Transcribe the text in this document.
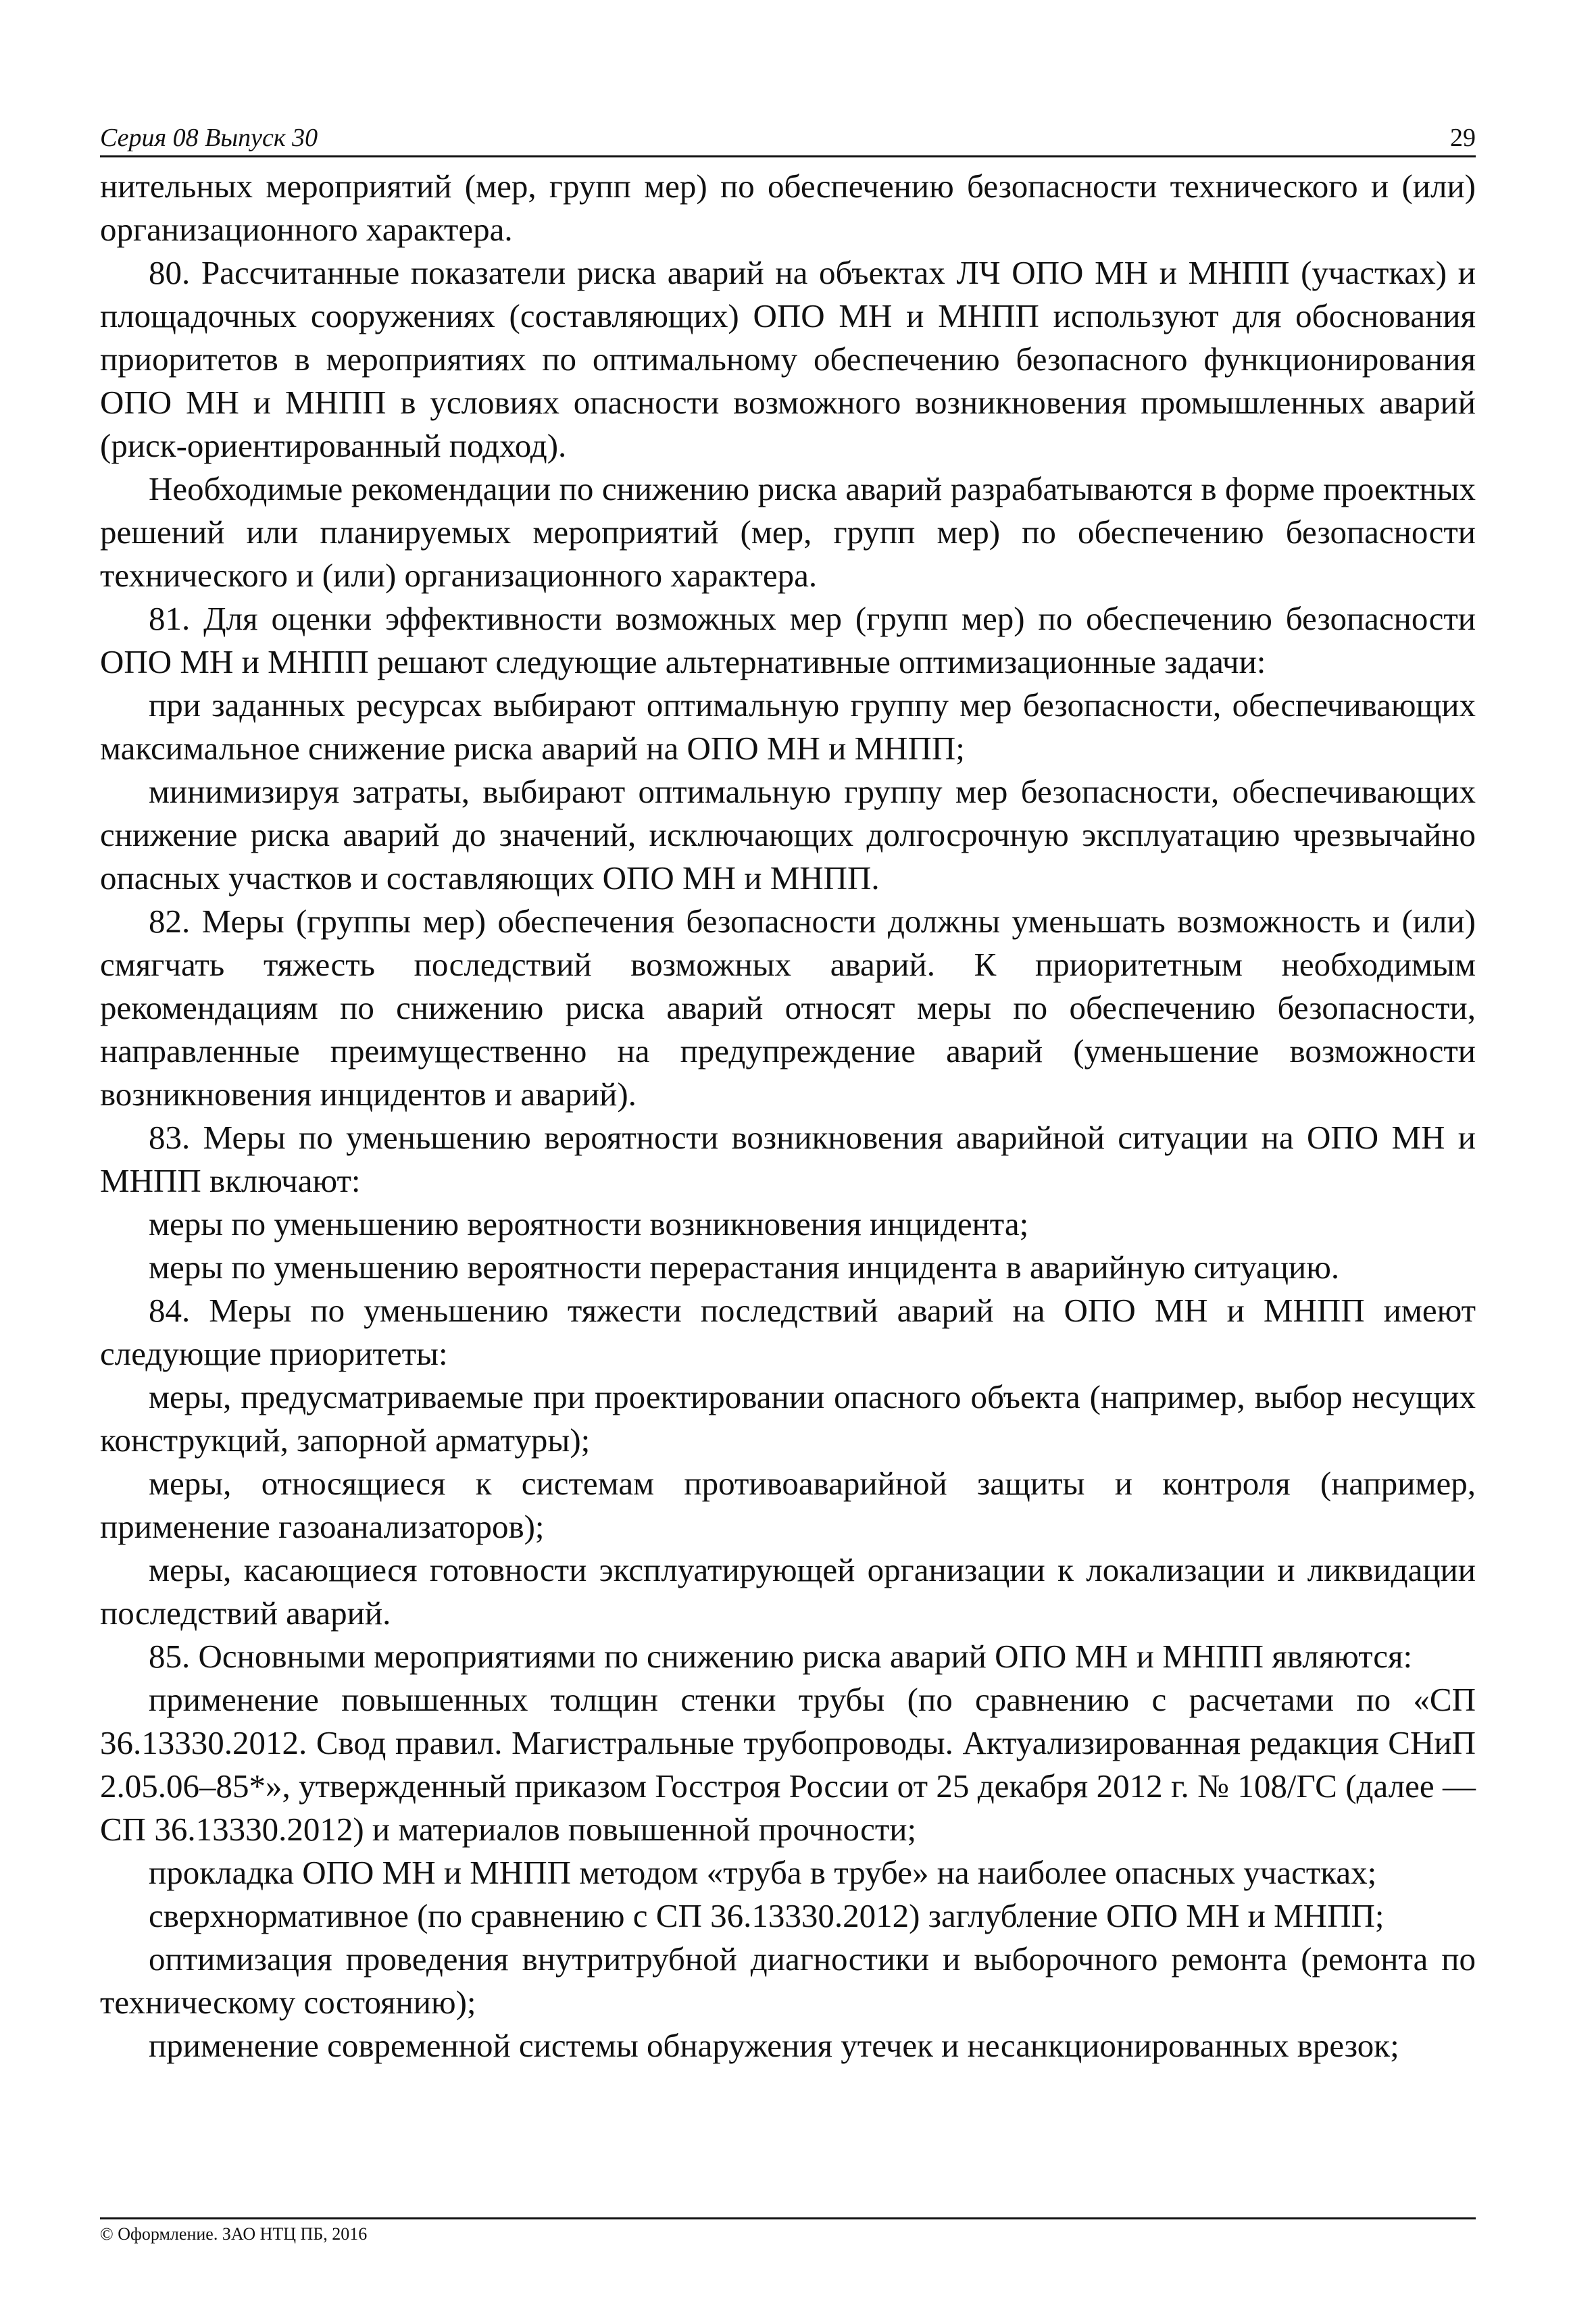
Серия 08 Выпуск 30	29

нительных мероприятий (мер, групп мер) по обеспечению безопасности технического и (или) организационного характера.

80. Рассчитанные показатели риска аварий на объектах ЛЧ ОПО МН и МНПП (участках) и площадочных сооружениях (составляющих) ОПО МН и МНПП используют для обоснования приоритетов в мероприятиях по оптимальному обеспечению безопасного функционирования ОПО МН и МНПП в условиях опасности возможного возникновения промышленных аварий (риск-ориентированный подход).

Необходимые рекомендации по снижению риска аварий разрабатываются в форме проектных решений или планируемых мероприятий (мер, групп мер) по обеспечению безопасности технического и (или) организационного характера.

81. Для оценки эффективности возможных мер (групп мер) по обеспечению безопасности ОПО МН и МНПП решают следующие альтернативные оптимизационные задачи:

при заданных ресурсах выбирают оптимальную группу мер безопасности, обеспечивающих максимальное снижение риска аварий на ОПО МН и МНПП;

минимизируя затраты, выбирают оптимальную группу мер безопасности, обеспечивающих снижение риска аварий до значений, исключающих долгосрочную эксплуатацию чрезвычайно опасных участков и составляющих ОПО МН и МНПП.

82. Меры (группы мер) обеспечения безопасности должны уменьшать возможность и (или) смягчать тяжесть последствий возможных аварий. К приоритетным необходимым рекомендациям по снижению риска аварий относят меры по обеспечению безопасности, направленные преимущественно на предупреждение аварий (уменьшение возможности возникновения инцидентов и аварий).

83. Меры по уменьшению вероятности возникновения аварийной ситуации на ОПО МН и МНПП включают:

меры по уменьшению вероятности возникновения инцидента;

меры по уменьшению вероятности перерастания инцидента в аварийную ситуацию.

84. Меры по уменьшению тяжести последствий аварий на ОПО МН и МНПП имеют следующие приоритеты:

меры, предусматриваемые при проектировании опасного объекта (например, выбор несущих конструкций, запорной арматуры);

меры, относящиеся к системам противоаварийной защиты и контроля (например, применение газоанализаторов);

меры, касающиеся готовности эксплуатирующей организации к локализации и ликвидации последствий аварий.

85. Основными мероприятиями по снижению риска аварий ОПО МН и МНПП являются:

применение повышенных толщин стенки трубы (по сравнению с расчетами по «СП 36.13330.2012. Свод правил. Магистральные трубопроводы. Актуализированная редакция СНиП 2.05.06–85*», утвержденный приказом Госстроя России от 25 декабря 2012 г. № 108/ГС (далее — СП 36.13330.2012) и материалов повышенной прочности;

прокладка ОПО МН и МНПП методом «труба в трубе» на наиболее опасных участках;

сверхнормативное (по сравнению с СП 36.13330.2012) заглубление ОПО МН и МНПП;

оптимизация проведения внутритрубной диагностики и выборочного ремонта (ремонта по техническому состоянию);

применение современной системы обнаружения утечек и несанкционированных врезок;

© Оформление. ЗАО НТЦ ПБ, 2016
